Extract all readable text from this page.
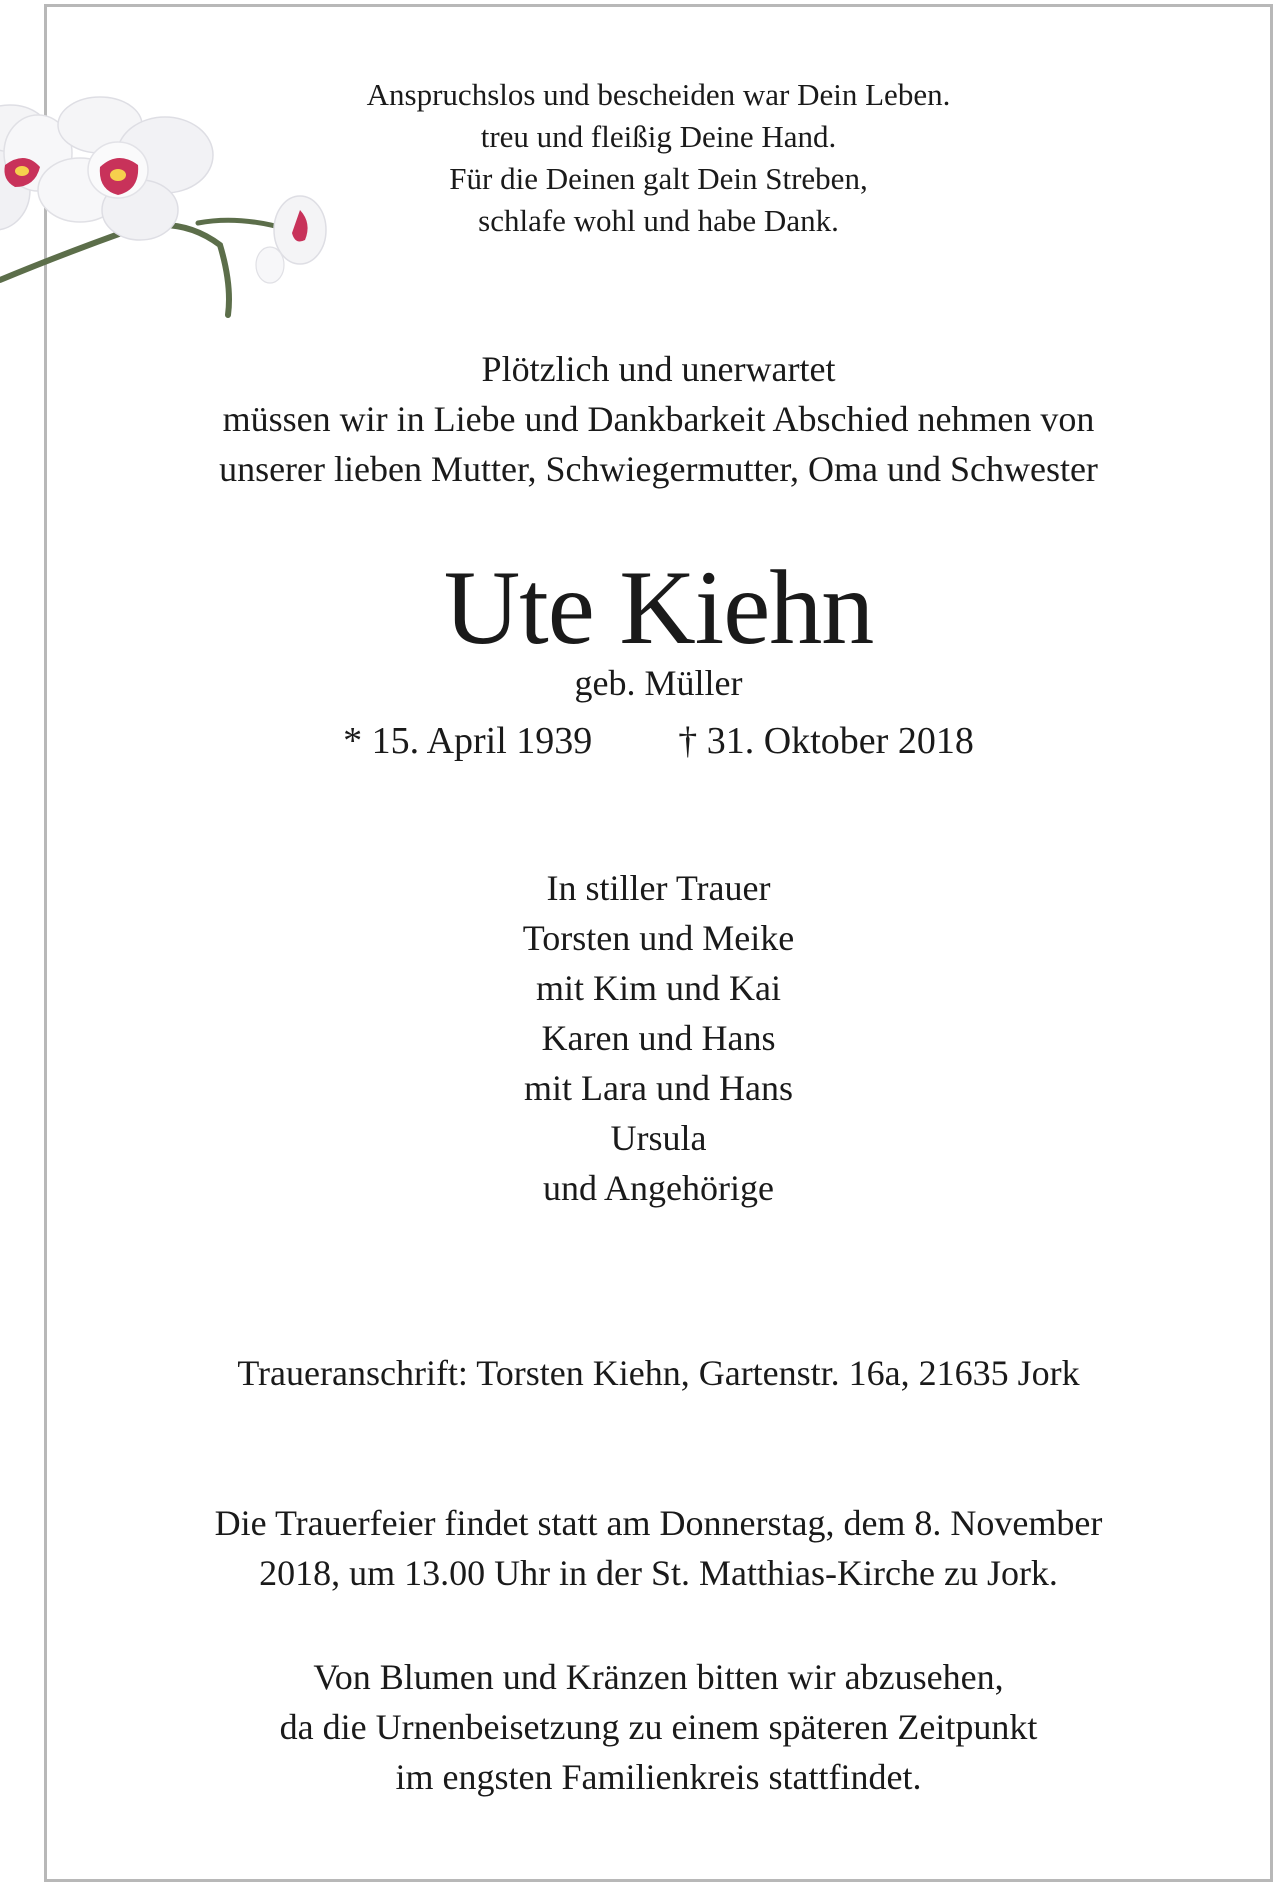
Anspruchslos und bescheiden war Dein Leben.
treu und fleißig Deine Hand.
Für die Deinen galt Dein Streben,
schlafe wohl und habe Dank.
Plötzlich und unerwartet
müssen wir in Liebe und Dankbarkeit Abschied nehmen von
unserer lieben Mutter, Schwiegermutter, Oma und Schwester
Ute Kiehn
geb. Müller
* 15. April 1939 † 31. Oktober 2018
In stiller Trauer
Torsten und Meike
mit Kim und Kai
Karen und Hans
mit Lara und Hans
Ursula
und Angehörige
Traueranschrift: Torsten Kiehn, Gartenstr. 16a, 21635 Jork
Die Trauerfeier findet statt am Donnerstag, dem 8. November
2018, um 13.00 Uhr in der St. Matthias-Kirche zu Jork.
Von Blumen und Kränzen bitten wir abzusehen,
da die Urnenbeisetzung zu einem späteren Zeitpunkt
im engsten Familienkreis stattfindet.
